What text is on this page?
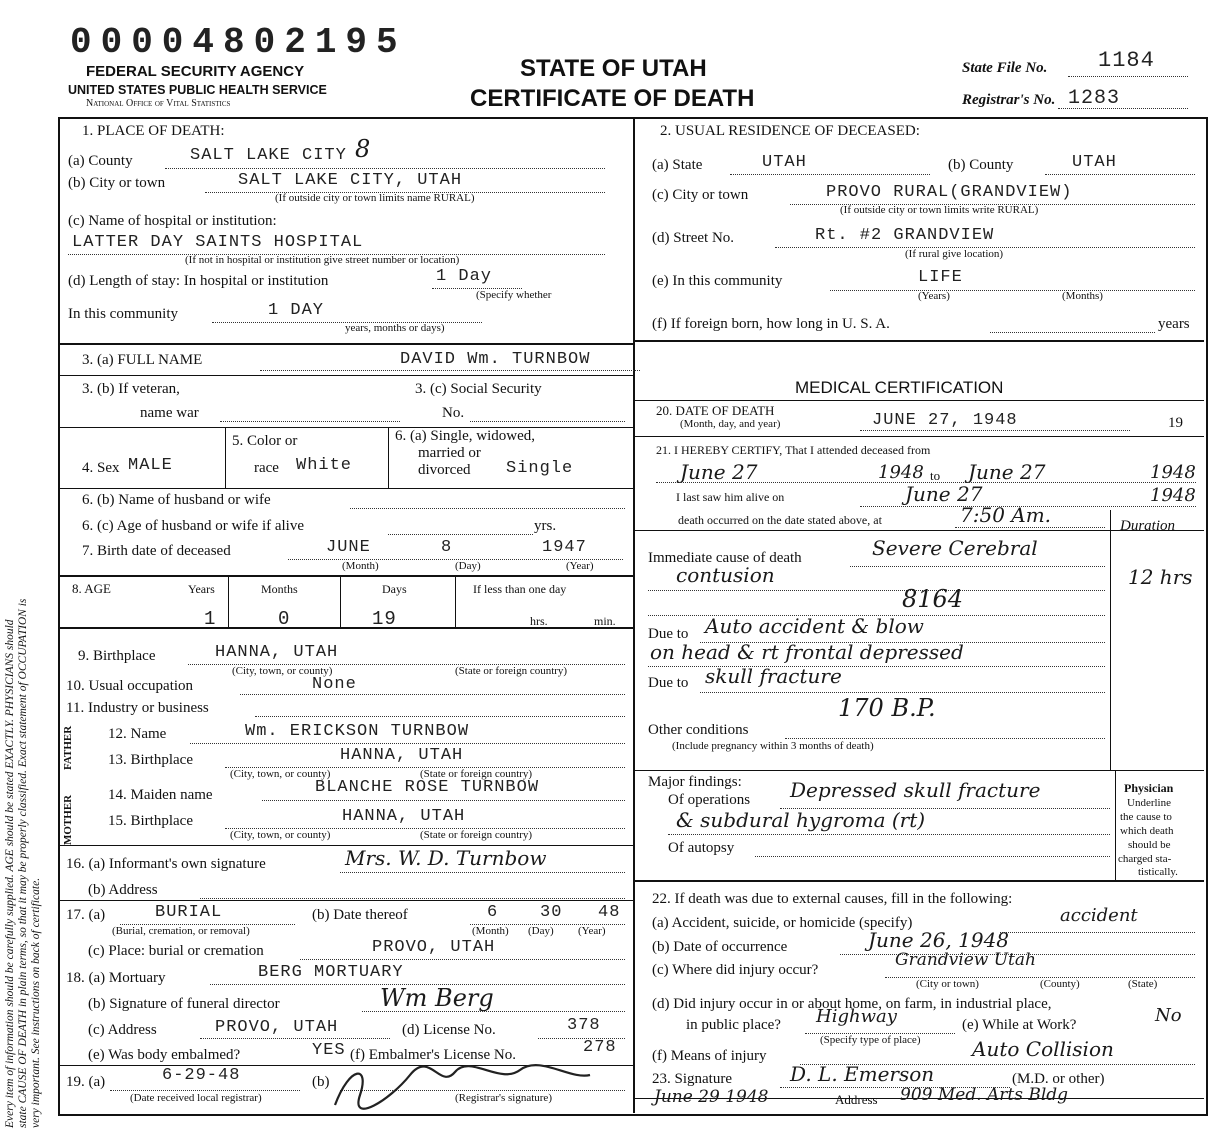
Every item of information should be carefully supplied. AGE should be stated EXACTLY. PHYSICIANS should state CAUSE OF DEATH in plain terms, so that it may be properly classified. Exact statement of OCCUPATION is very important. See instructions on back of certificate.
00004802195
FEDERAL SECURITY AGENCY
UNITED STATES PUBLIC HEALTH SERVICE
National Office of Vital Statistics
STATE OF UTAH
CERTIFICATE OF DEATH
State File No. 1184
Registrar's No. 1283
1. PLACE OF DEATH:
(a) County	SALT LAKE CITY 8
(b) City or town	SALT LAKE CITY, UTAH
(If outside city or town limits name RURAL)
(c) Name of hospital or institution:
LATTER DAY SAINTS HOSPITAL
(If not in hospital or institution give street number or location)
(d) Length of stay: In hospital or institution	1 Day
(Specify whether
In this community	1 DAY
years, months or days)
2. USUAL RESIDENCE OF DECEASED:
(a) State	UTAH	(b) County	UTAH
(c) City or town	PROVO RURAL(GRANDVIEW)
(If outside city or town limits write RURAL)
(d) Street No.	Rt. #2 GRANDVIEW
(If rural give location)
(e) In this community	LIFE
(Years)	(Months)
(f) If foreign born, how long in U. S. A.	years
3. (a) FULL NAME	DAVID Wm. TURNBOW
3. (b) If veteran,
name war
3. (c) Social Security
No.
4. Sex MALE
5. Color or
race White
6. (a) Single, widowed,
married or
divorced Single
6. (b) Name of husband or wife
6. (c) Age of husband or wife if alive	yrs.
7. Birth date of deceased	JUNE	8	1947
(Month)	(Day)	(Year)
8. AGE	Years	Months	Days	If less than one day
1	0	19	hrs.	min.
9. Birthplace	HANNA, UTAH
(City, town, or county)	(State or foreign country)
10. Usual occupation	None
11. Industry or business
FATHER
MOTHER
12. Name	Wm. ERICKSON TURNBOW
13. Birthplace	HANNA, UTAH
(City, town, or county)	(State or foreign country)
14. Maiden name	BLANCHE ROSE TURNBOW
15. Birthplace	HANNA, UTAH
(City, town, or county)	(State or foreign country)
16. (a) Informant's own signature	Mrs. W. D. Turnbow
(b) Address
17. (a)	BURIAL
(Burial, cremation, or removal)
(b) Date thereof	6 30 48
(Month) (Day) (Year)
(c) Place: burial or cremation	PROVO, UTAH
18. (a) Mortuary	BERG MORTUARY
(b) Signature of funeral director	Wm Berg
(c) Address	PROVO, UTAH	(d) License No.	378
(e) Was body embalmed?	YES (f) Embalmer's License No.	278
19. (a)	6-29-48
(Date received local registrar)
(b)
(Registrar's signature)
MEDICAL CERTIFICATION
20. DATE OF DEATH
(Month, day, and year)	JUNE 27, 1948	19
21. I HEREBY CERTIFY, That I attended deceased from
June 27	1948 to June 27	1948
I last saw him alive on	June 27	1948
death occurred on the date stated above, at	7:50 Am.	Duration
Immediate cause of death	Severe Cerebral
contusion	12 hrs
8164
Due to Auto accident & blow
on head & rt frontal depressed
Due to skull fracture
170 B.P.
Other conditions
(Include pregnancy within 3 months of death)
Major findings:
Of operations Depressed skull fracture
& subdural hygroma (rt)
Of autopsy
Physician
Underline
the cause to
which death
should be
charged sta-
tistically.
22. If death was due to external causes, fill in the following:
(a) Accident, suicide, or homicide (specify)	accident
(b) Date of occurrence	June 26, 1948
(c) Where did injury occur?	Grandview Utah
(City or town)	(County)	(State)
(d) Did injury occur in or about home, on farm, in industrial place,
in public place? Highway
(Specify type of place)
(e) While at Work?	No
(f) Means of injury	Auto Collision
23. Signature	D. L. Emerson	(M.D. or other)
June 29 1948	Address 909 Med. Arts Bldg
